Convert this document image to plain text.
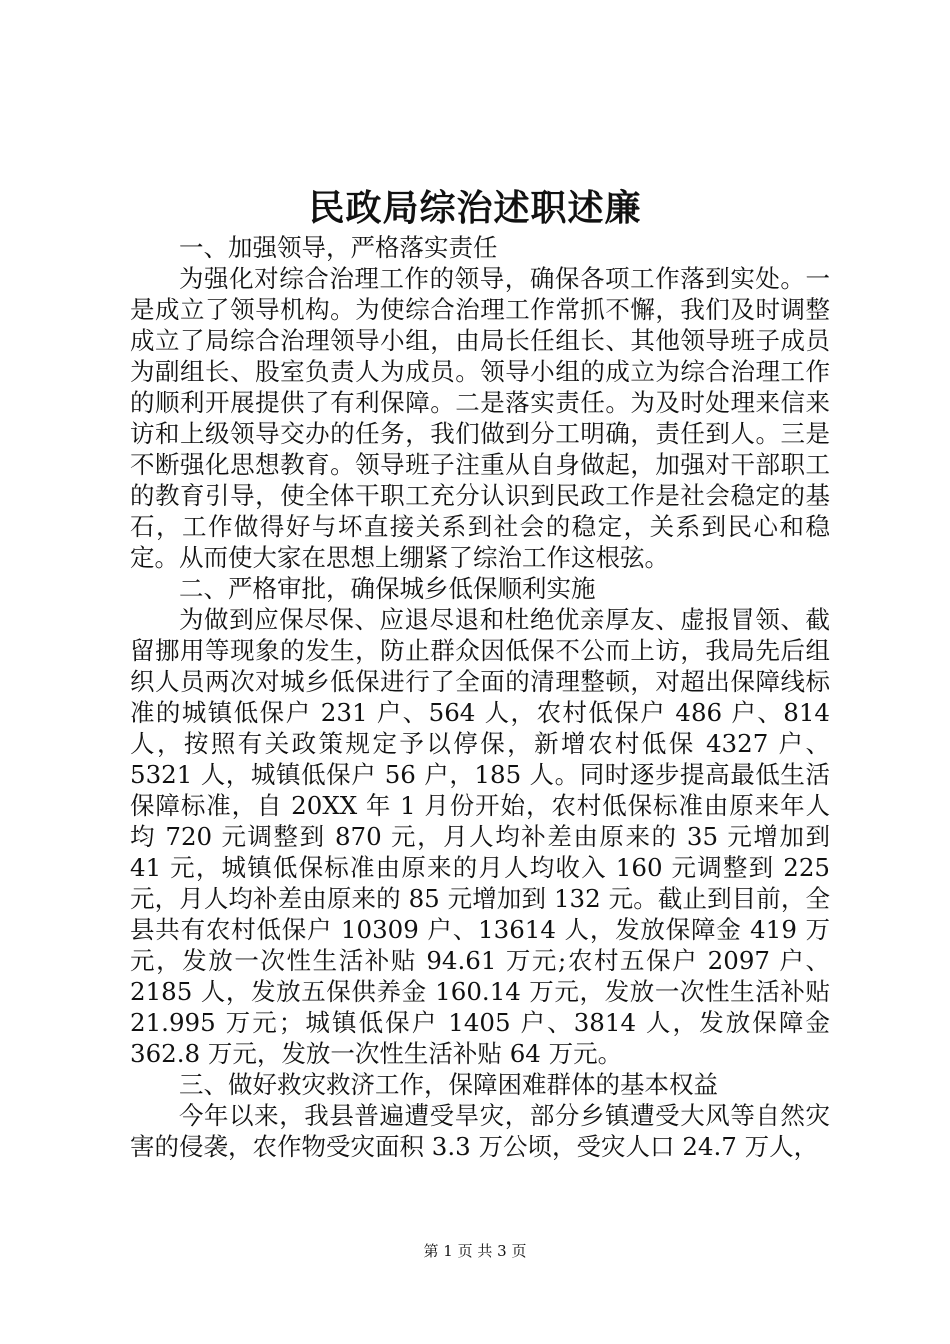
民政局综治述职述廉

一、加强领导，严格落实责任

为强化对综合治理工作的领导，确保各项工作落到实处。一是成立了领导机构。为使综合治理工作常抓不懈，我们及时调整成立了局综合治理领导小组，由局长任组长、其他领导班子成员为副组长、股室负责人为成员。领导小组的成立为综合治理工作的顺利开展提供了有利保障。二是落实责任。为及时处理来信来访和上级领导交办的任务，我们做到分工明确，责任到人。三是不断强化思想教育。领导班子注重从自身做起，加强对干部职工的教育引导，使全体干职工充分认识到民政工作是社会稳定的基石，工作做得好与坏直接关系到社会的稳定，关系到民心和稳定。从而使大家在思想上绷紧了综治工作这根弦。

二、严格审批，确保城乡低保顺利实施

为做到应保尽保、应退尽退和杜绝优亲厚友、虚报冒领、截留挪用等现象的发生，防止群众因低保不公而上访，我局先后组织人员两次对城乡低保进行了全面的清理整顿，对超出保障线标准的城镇低保户 231 户、564 人，农村低保户 486 户、814 人，按照有关政策规定予以停保，新增农村低保 4327 户、5321 人，城镇低保户 56 户，185 人。同时逐步提高最低生活保障标准，自 20XX 年 1 月份开始，农村低保标准由原来年人均 720 元调整到 870 元，月人均补差由原来的 35 元增加到 41 元，城镇低保标准由原来的月人均收入 160 元调整到 225 元，月人均补差由原来的 85 元增加到 132 元。截止到目前，全县共有农村低保户 10309 户、13614 人，发放保障金 419 万元，发放一次性生活补贴 94.61 万元;农村五保户 2097 户、2185 人，发放五保供养金 160.14 万元，发放一次性生活补贴 21.995 万元；城镇低保户 1405 户、3814 人，发放保障金 362.8 万元，发放一次性生活补贴 64 万元。

三、做好救灾救济工作，保障困难群体的基本权益

今年以来，我县普遍遭受旱灾，部分乡镇遭受大风等自然灾害的侵袭，农作物受灾面积 3.3 万公顷，受灾人口 24.7 万人，

第 1 页 共 3 页
